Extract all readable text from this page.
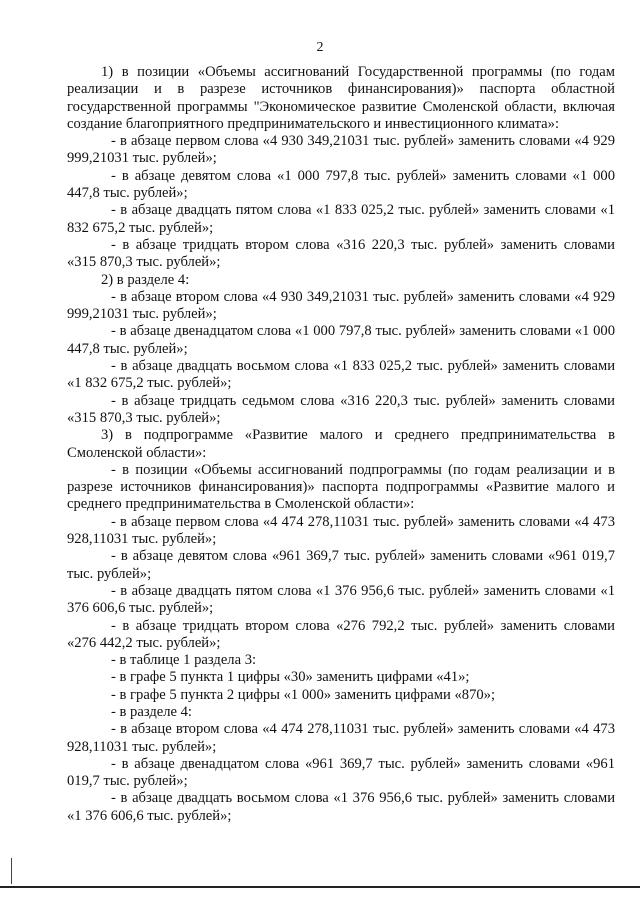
2

1) в позиции «Объемы ассигнований Государственной программы (по годам реализации и в разрезе источников финансирования)» паспорта областной государственной программы "Экономическое развитие Смоленской области, включая создание благоприятного предпринимательского и инвестиционного климата»:

- в абзаце первом слова «4 930 349,21031 тыс. рублей» заменить словами «4 929 999,21031 тыс. рублей»;

- в абзаце девятом слова «1 000 797,8 тыс. рублей» заменить словами «1 000 447,8 тыс. рублей»;

- в абзаце двадцать пятом слова «1 833 025,2 тыс. рублей» заменить словами «1 832 675,2 тыс. рублей»;

- в абзаце тридцать втором слова «316 220,3 тыс. рублей» заменить словами «315 870,3 тыс. рублей»;

2) в разделе 4:

- в абзаце втором слова «4 930 349,21031 тыс. рублей» заменить словами «4 929 999,21031 тыс. рублей»;

- в абзаце двенадцатом слова «1 000 797,8 тыс. рублей» заменить словами «1 000 447,8 тыс. рублей»;

- в абзаце двадцать восьмом слова «1 833 025,2 тыс. рублей» заменить словами «1 832 675,2 тыс. рублей»;

- в абзаце тридцать седьмом слова «316 220,3 тыс. рублей» заменить словами «315 870,3 тыс. рублей»;

3) в подпрограмме «Развитие малого и среднего предпринимательства в Смоленской области»:

- в позиции «Объемы ассигнований подпрограммы (по годам реализации и в разрезе источников финансирования)» паспорта подпрограммы «Развитие малого и среднего предпринимательства в Смоленской области»:

- в абзаце первом слова «4 474 278,11031 тыс. рублей» заменить словами «4 473 928,11031 тыс. рублей»;

- в абзаце девятом слова «961 369,7 тыс. рублей» заменить словами «961 019,7 тыс. рублей»;

- в абзаце двадцать пятом слова «1 376 956,6 тыс. рублей» заменить словами «1 376 606,6 тыс. рублей»;

- в абзаце тридцать втором слова «276 792,2 тыс. рублей» заменить словами «276 442,2 тыс. рублей»;

- в таблице 1 раздела 3:

- в графе 5 пункта 1 цифры «30» заменить цифрами «41»;

- в графе 5 пункта 2 цифры «1 000» заменить цифрами «870»;

- в разделе 4:

- в абзаце втором слова «4 474 278,11031 тыс. рублей» заменить словами «4 473 928,11031 тыс. рублей»;

- в абзаце двенадцатом слова «961 369,7 тыс. рублей» заменить словами «961 019,7 тыс. рублей»;

- в абзаце двадцать восьмом слова «1 376 956,6 тыс. рублей» заменить словами «1 376 606,6 тыс. рублей»;
